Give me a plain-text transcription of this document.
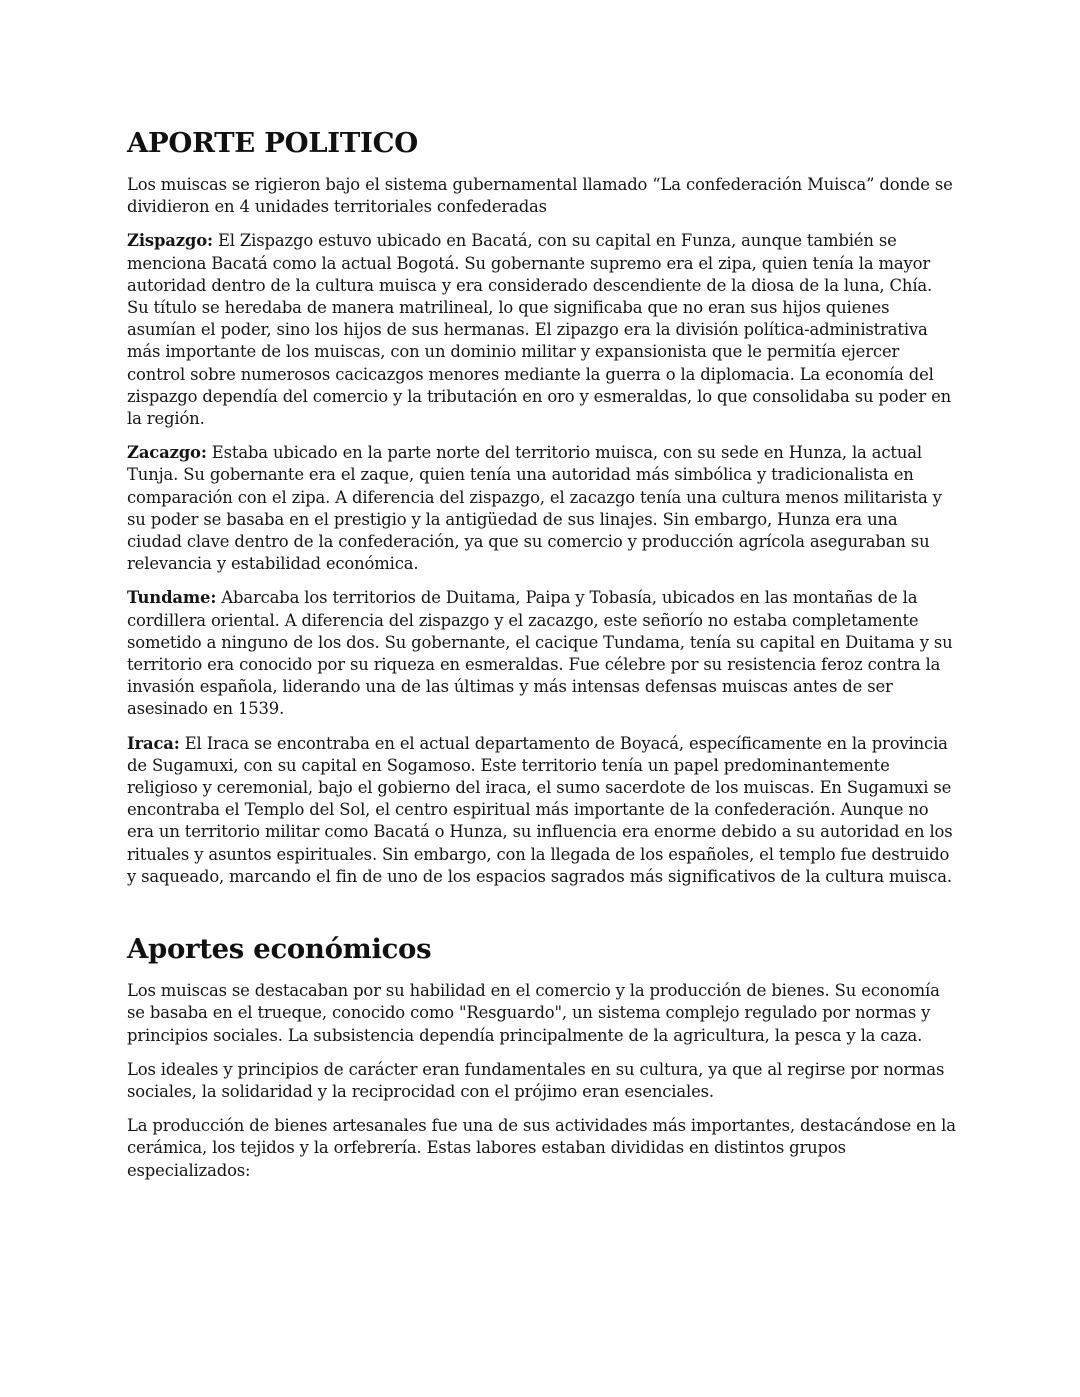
APORTE POLITICO

Los muiscas se rigieron bajo el sistema gubernamental llamado “La confederación Muisca” donde se dividieron en 4 unidades territoriales confederadas

Zispazgo: El Zispazgo estuvo ubicado en Bacatá, con su capital en Funza, aunque también se menciona Bacatá como la actual Bogotá. Su gobernante supremo era el zipa, quien tenía la mayor autoridad dentro de la cultura muisca y era considerado descendiente de la diosa de la luna, Chía. Su título se heredaba de manera matrilineal, lo que significaba que no eran sus hijos quienes asumían el poder, sino los hijos de sus hermanas. El zipazgo era la división política-administrativa más importante de los muiscas, con un dominio militar y expansionista que le permitía ejercer control sobre numerosos cacicazgos menores mediante la guerra o la diplomacia. La economía del zispazgo dependía del comercio y la tributación en oro y esmeraldas, lo que consolidaba su poder en la región.

Zacazgo: Estaba ubicado en la parte norte del territorio muisca, con su sede en Hunza, la actual Tunja. Su gobernante era el zaque, quien tenía una autoridad más simbólica y tradicionalista en comparación con el zipa. A diferencia del zispazgo, el zacazgo tenía una cultura menos militarista y su poder se basaba en el prestigio y la antigüedad de sus linajes. Sin embargo, Hunza era una ciudad clave dentro de la confederación, ya que su comercio y producción agrícola aseguraban su relevancia y estabilidad económica.

Tundame: Abarcaba los territorios de Duitama, Paipa y Tobasía, ubicados en las montañas de la cordillera oriental. A diferencia del zispazgo y el zacazgo, este señorío no estaba completamente sometido a ninguno de los dos. Su gobernante, el cacique Tundama, tenía su capital en Duitama y su territorio era conocido por su riqueza en esmeraldas. Fue célebre por su resistencia feroz contra la invasión española, liderando una de las últimas y más intensas defensas muiscas antes de ser asesinado en 1539.

Iraca: El Iraca se encontraba en el actual departamento de Boyacá, específicamente en la provincia de Sugamuxi, con su capital en Sogamoso. Este territorio tenía un papel predominantemente religioso y ceremonial, bajo el gobierno del iraca, el sumo sacerdote de los muiscas. En Sugamuxi se encontraba el Templo del Sol, el centro espiritual más importante de la confederación. Aunque no era un territorio militar como Bacatá o Hunza, su influencia era enorme debido a su autoridad en los rituales y asuntos espirituales. Sin embargo, con la llegada de los españoles, el templo fue destruido y saqueado, marcando el fin de uno de los espacios sagrados más significativos de la cultura muisca.

Aportes económicos

Los muiscas se destacaban por su habilidad en el comercio y la producción de bienes. Su economía se basaba en el trueque, conocido como "Resguardo", un sistema complejo regulado por normas y principios sociales. La subsistencia dependía principalmente de la agricultura, la pesca y la caza.

Los ideales y principios de carácter eran fundamentales en su cultura, ya que al regirse por normas sociales, la solidaridad y la reciprocidad con el prójimo eran esenciales.

La producción de bienes artesanales fue una de sus actividades más importantes, destacándose en la cerámica, los tejidos y la orfebrería. Estas labores estaban divididas en distintos grupos especializados:
